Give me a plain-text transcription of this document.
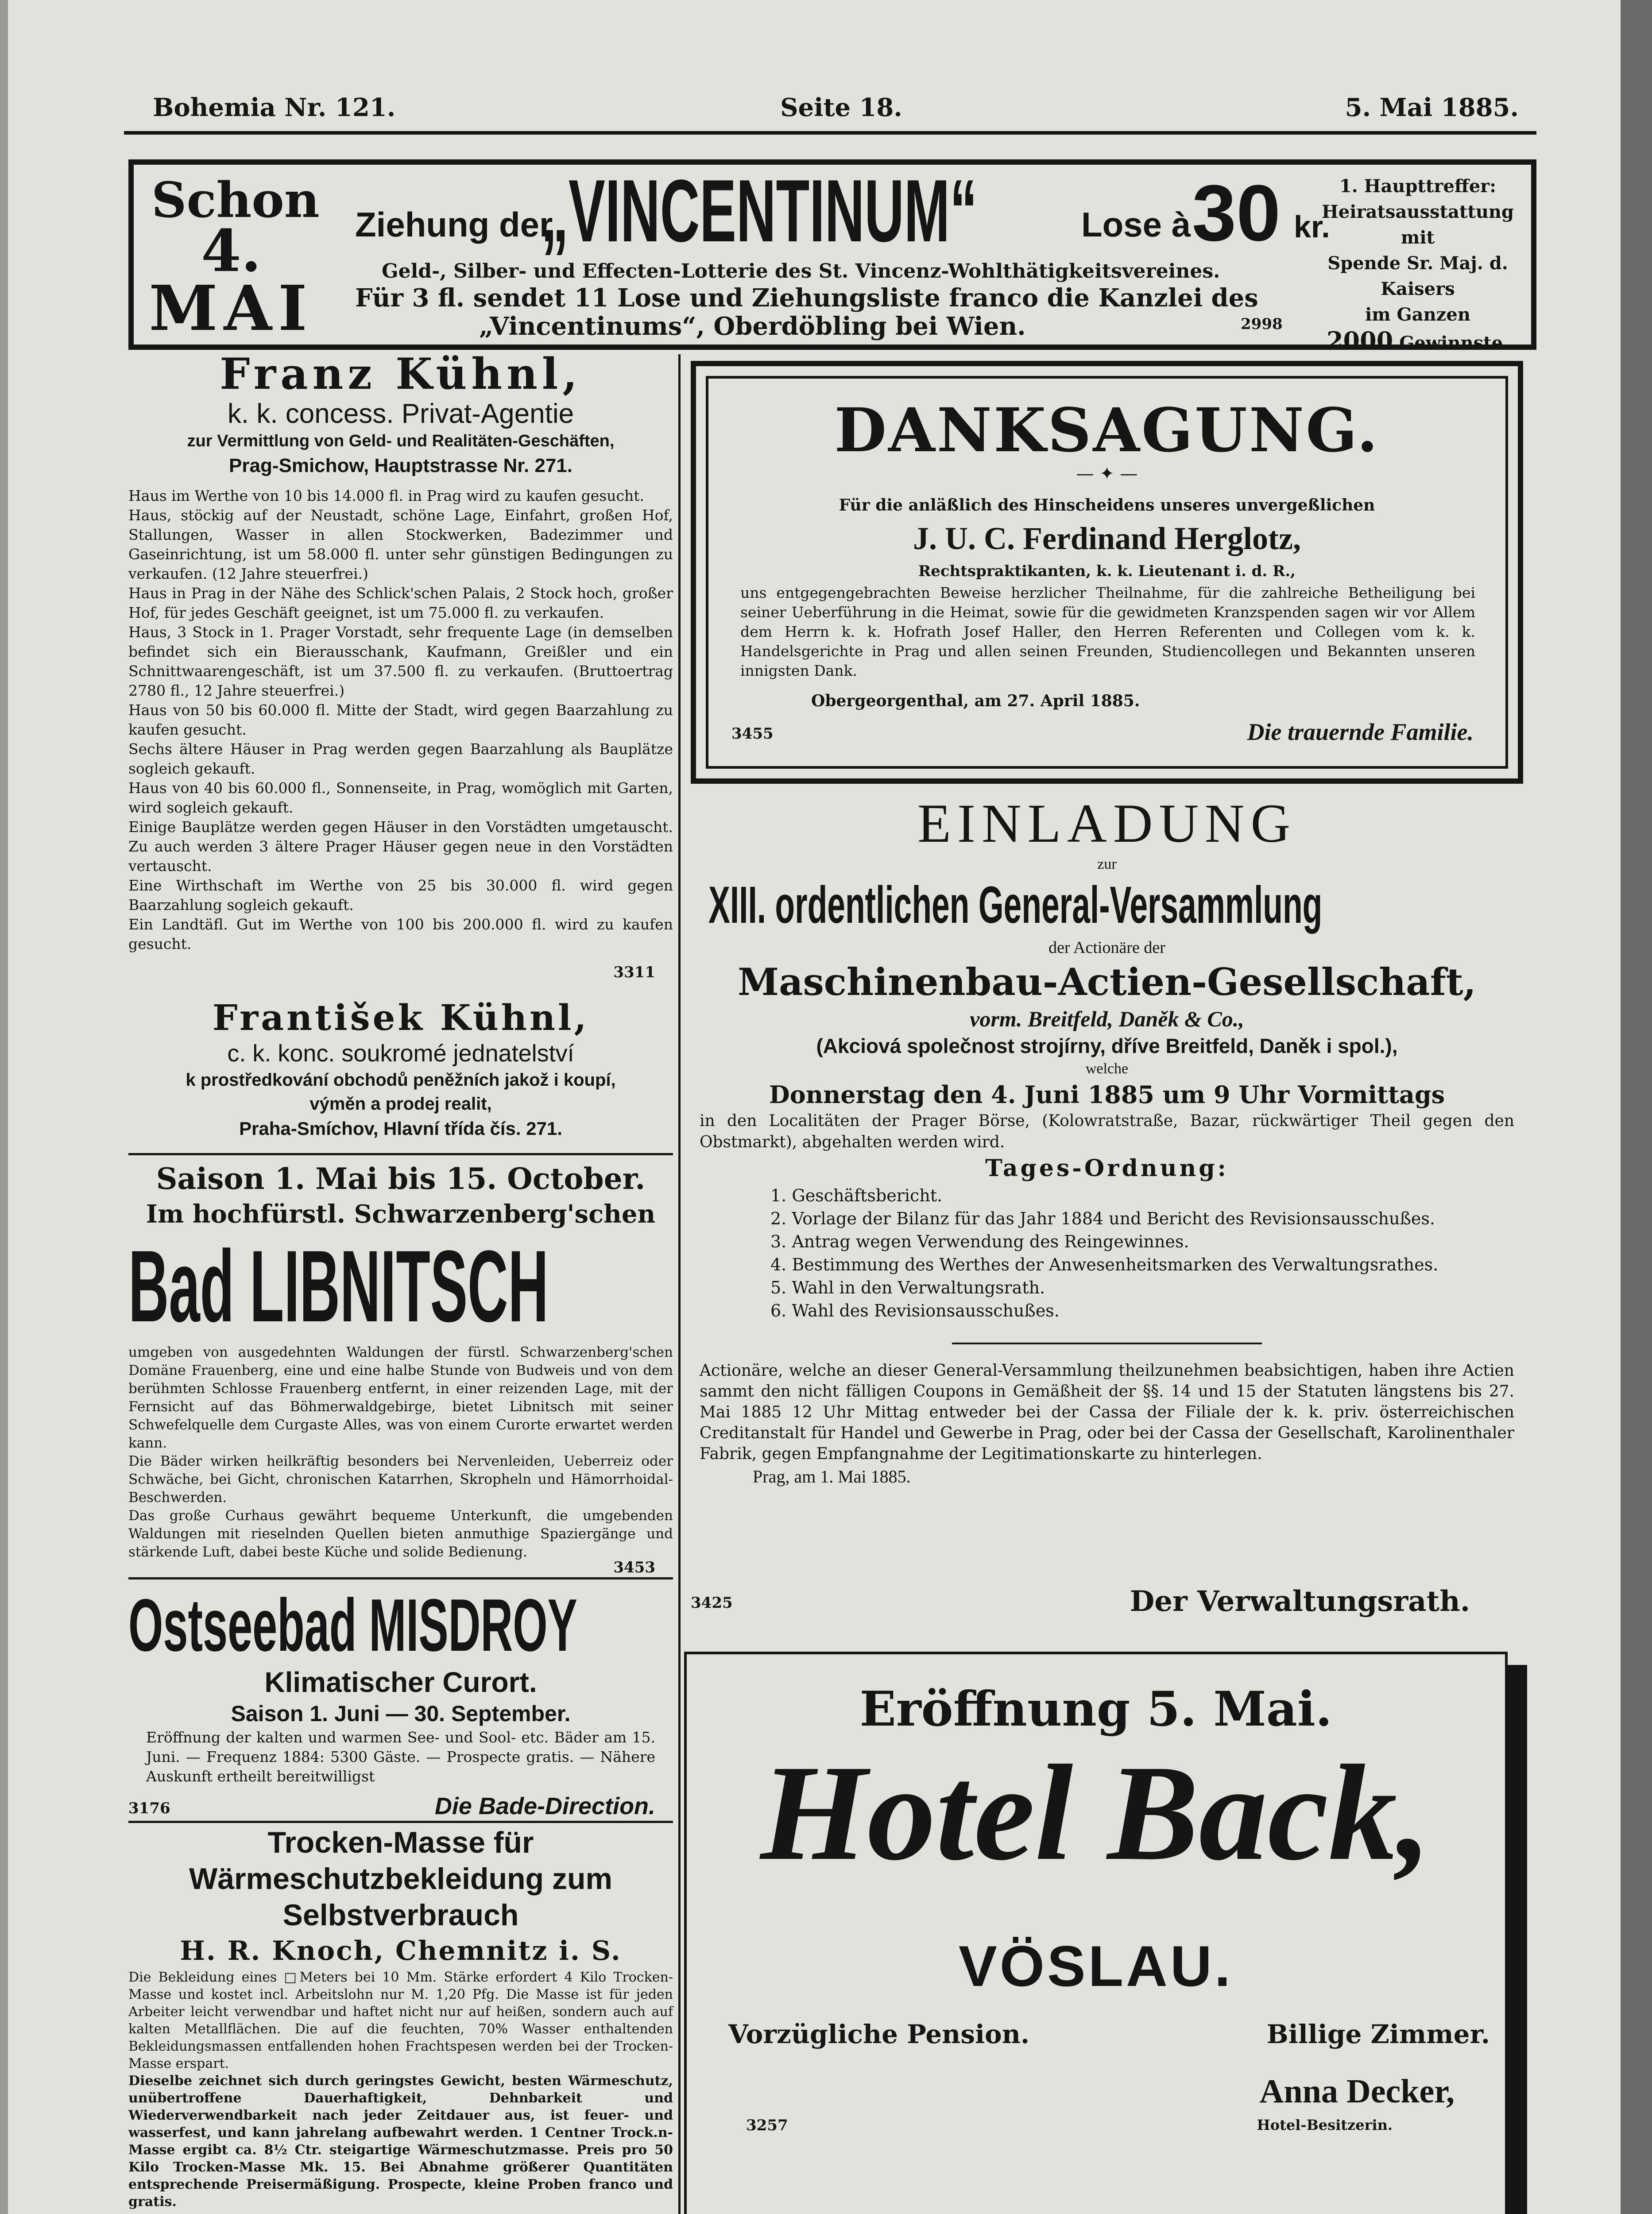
Bohemia Nr. 121.	Seite 18.	5. Mai 1885.
Schon
4.
MAI
Ziehung der
„VINCENTINUM“	Lose à 30 kr.
Geld-, Silber- und Effecten-Lotterie des St. Vincenz-Wohlthätigkeitsvereines.
Für 3 fl. sendet 11 Lose und Ziehungsliste franco die Kanzlei des
„Vincentinums“, Oberdöbling bei Wien.	2998
1. Haupttreffer:
Heiratsausstattung
mit
Spende Sr. Maj. d. Kaisers
im Ganzen
2000 Gewinnste.
Franz Kühnl,
k. k. concess. Privat-Agentie
zur Vermittlung von Geld- und Realitäten-Geschäften,
Prag-Smichow, Hauptstrasse Nr. 271.

Haus im Werthe von 10 bis 14.000 fl. in Prag wird zu kaufen gesucht.

Haus, stöckig auf der Neustadt, schöne Lage, Einfahrt, großen Hof, Stallungen, Wasser in allen Stockwerken, Badezimmer und Gaseinrichtung, ist um 58.000 fl. unter sehr günstigen Bedingungen zu verkaufen. (12 Jahre steuerfrei.)

Haus in Prag in der Nähe des Schlick'schen Palais, 2 Stock hoch, großer Hof, für jedes Geschäft geeignet, ist um 75.000 fl. zu verkaufen.

Haus, 3 Stock in 1. Prager Vorstadt, sehr frequente Lage (in demselben befindet sich ein Bierausschank, Kaufmann, Greißler und ein Schnittwaarengeschäft, ist um 37.500 fl. zu verkaufen. (Bruttoertrag 2780 fl., 12 Jahre steuerfrei.)

Haus von 50 bis 60.000 fl. Mitte der Stadt, wird gegen Baarzahlung zu kaufen gesucht.

Sechs ältere Häuser in Prag werden gegen Baarzahlung als Bauplätze sogleich gekauft.

Haus von 40 bis 60.000 fl., Sonnenseite, in Prag, womöglich mit Garten, wird sogleich gekauft.

Einige Bauplätze werden gegen Häuser in den Vorstädten umgetauscht. Zu auch werden 3 ältere Prager Häuser gegen neue in den Vorstädten vertauscht.

Eine Wirthschaft im Werthe von 25 bis 30.000 fl. wird gegen Baarzahlung sogleich gekauft.

Ein Landtäfl. Gut im Werthe von 100 bis 200.000 fl. wird zu kaufen gesucht.

3311
František Kühnl,
c. k. konc. soukromé jednatelství
k prostředkování obchodů peněžních jakož i koupí,
výměn a prodej realit,
Praha-Smíchov, Hlavní třída čís. 271.
Saison 1. Mai bis 15. October.
Im hochfürstl. Schwarzenberg'schen
Bad LIBNITSCH

umgeben von ausgedehnten Waldungen der fürstl. Schwarzenberg'schen Domäne Frauenberg, eine und eine halbe Stunde von Budweis und von dem berühmten Schlosse Frauenberg entfernt, in einer reizenden Lage, mit der Fernsicht auf das Böhmerwaldgebirge, bietet Libnitsch mit seiner Schwefelquelle dem Curgaste Alles, was von einem Curorte erwartet werden kann.

Die Bäder wirken heilkräftig besonders bei Nervenleiden, Ueberreiz oder Schwäche, bei Gicht, chronischen Katarrhen, Skropheln und Hämorrhoidal-Beschwerden.

Das große Curhaus gewährt bequeme Unterkunft, die umgebenden Waldungen mit rieselnden Quellen bieten anmuthige Spaziergänge und stärkende Luft, dabei beste Küche und solide Bedienung.

3453
Ostseebad MISDROY
Klimatischer Curort.
Saison 1. Juni — 30. September.
Eröffnung der kalten und warmen See- und Sool- etc. Bäder am 15. Juni. — Frequenz 1884: 5300 Gäste. — Prospecte gratis. — Nähere Auskunft ertheilt bereitwilligst
3176	Die Bade-Direction.
Trocken-Masse für Wärmeschutzbekleidung zum Selbstverbrauch
H. R. Knoch, Chemnitz i. S.

Die Bekleidung eines □Meters bei 10 Mm. Stärke erfordert 4 Kilo Trocken-Masse und kostet incl. Arbeitslohn nur M. 1,20 Pfg. Die Masse ist für jeden Arbeiter leicht verwendbar und haftet nicht nur auf heißen, sondern auch auf kalten Metallflächen. Die auf die feuchten, 70% Wasser enthaltenden Bekleidungsmassen entfallenden hohen Frachtspesen werden bei der Trocken-Masse erspart.

Dieselbe zeichnet sich durch geringstes Gewicht, besten Wärmeschutz, unübertroffene Dauerhaftigkeit, Dehnbarkeit und Wiederverwendbarkeit nach jeder Zeitdauer aus, ist feuer- und wasserfest, und kann jahrelang aufbewahrt werden. 1 Centner Trock.n-Masse ergibt ca. 8½ Ctr. steigartige Wärmeschutzmasse. Preis pro 50 Kilo Trocken-Masse Mk. 15. Bei Abnahme größerer Quantitäten entsprechende Preisermäßigung. Prospecte, kleine Proben franco und gratis.

DANKSAGUNG.
— ✦ —
Für die anläßlich des Hinscheidens unseres unvergeßlichen
J. U. C. Ferdinand Herglotz,
Rechtspraktikanten, k. k. Lieutenant i. d. R.,
uns entgegengebrachten Beweise herzlicher Theilnahme, für die zahlreiche Betheiligung bei seiner Ueberführung in die Heimat, sowie für die gewidmeten Kranzspenden sagen wir vor Allem dem Herrn k. k. Hofrath Josef Haller, den Herren Referenten und Collegen vom k. k. Handelsgerichte in Prag und allen seinen Freunden, Studiencollegen und Bekannten unseren innigsten Dank.
Obergeorgenthal, am 27. April 1885.
3455	Die trauernde Familie.
EINLADUNG
zur
XIII. ordentlichen General-Versammlung
der Actionäre der
Maschinenbau-Actien-Gesellschaft,
vorm. Breitfeld, Daněk & Co.,
(Akciová společnost strojírny, dříve Breitfeld, Daněk i spol.),
welche
Donnerstag den 4. Juni 1885 um 9 Uhr Vormittags
in den Localitäten der Prager Börse, (Kolowratstraße, Bazar, rückwärtiger Theil gegen den Obstmarkt), abgehalten werden wird.
Tages-Ordnung:

1. Geschäftsbericht.

2. Vorlage der Bilanz für das Jahr 1884 und Bericht des Revisionsausschußes.

3. Antrag wegen Verwendung des Reingewinnes.

4. Bestimmung des Werthes der Anwesenheitsmarken des Verwaltungsrathes.

5. Wahl in den Verwaltungsrath.

6. Wahl des Revisionsausschußes.

Actionäre, welche an dieser General-Versammlung theilzunehmen beabsichtigen, haben ihre Actien sammt den nicht fälligen Coupons in Gemäßheit der §§. 14 und 15 der Statuten längstens bis 27. Mai 1885 12 Uhr Mittag entweder bei der Cassa der Filiale der k. k. priv. österreichischen Creditanstalt für Handel und Gewerbe in Prag, oder bei der Cassa der Gesellschaft, Karolinenthaler Fabrik, gegen Empfangnahme der Legitimationskarte zu hinterlegen.
Prag, am 1. Mai 1885.
3425	Der Verwaltungsrath.
Eröffnung 5. Mai.
Hotel Back,
VÖSLAU.
Vorzügliche Pension.	Billige Zimmer.
Anna Decker,
Hotel-Besitzerin.
3257
